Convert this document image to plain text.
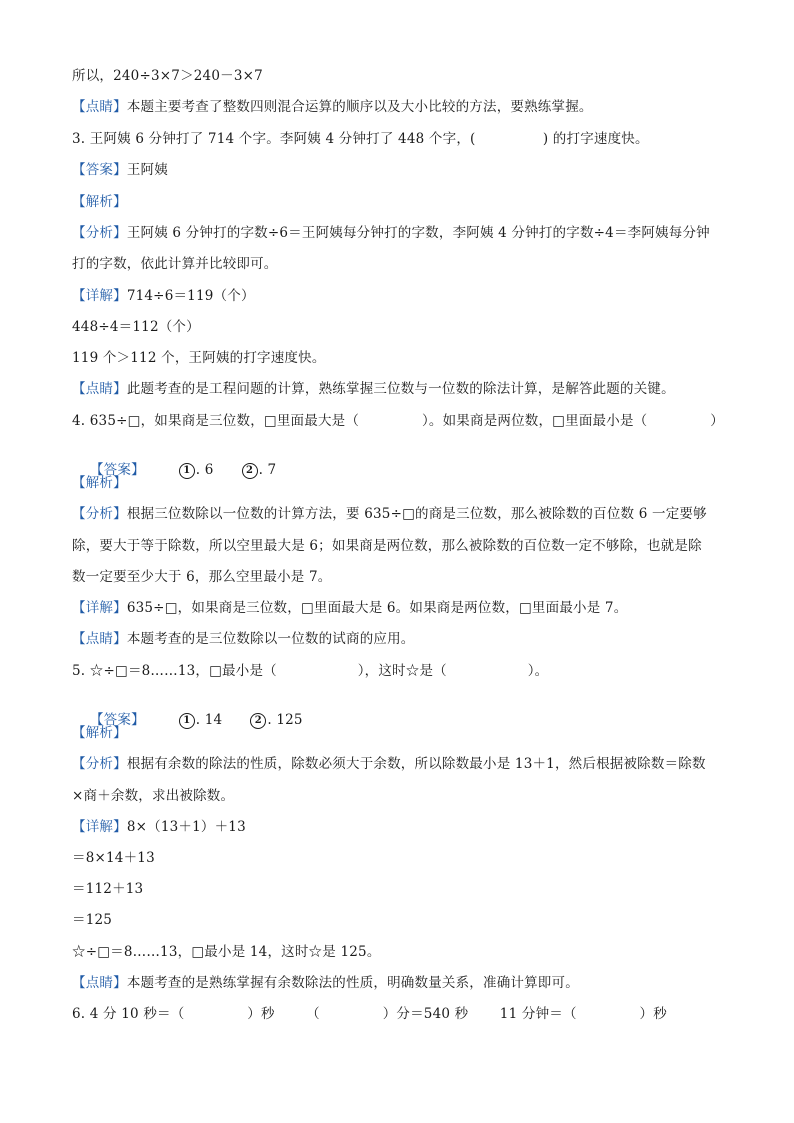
所以，240÷3×7＞240－3×7
【点睛】本题主要考查了整数四则混合运算的顺序以及大小比较的方法，要熟练掌握。
3. 王阿姨 6 分钟打了 714 个字。李阿姨 4 分钟打了 448 个字，(               ) 的打字速度快。
【答案】王阿姨
【解析】
【分析】王阿姨 6 分钟打的字数÷6＝王阿姨每分钟打的字数，李阿姨 4 分钟打的字数÷4＝李阿姨每分钟
打的字数，依此计算并比较即可。
【详解】714÷6＝119（个）
448÷4＝112（个）
119 个＞112 个，王阿姨的打字速度快。
【点睛】此题考查的是工程问题的计算，熟练掌握三位数与一位数的除法计算，是解答此题的关键。
4. 635÷□，如果商是三位数，□里面最大是（              ）。如果商是两位数，□里面最小是（              ）

【答案】	1 . 6	2 . 7

【解析】
【分析】根据三位数除以一位数的计算方法，要 635÷□的商是三位数，那么被除数的百位数 6 一定要够
除，要大于等于除数，所以空里最大是 6；如果商是两位数，那么被除数的百位数一定不够除，也就是除
数一定要至少大于 6，那么空里最小是 7。
【详解】635÷□，如果商是三位数，□里面最大是 6。如果商是两位数，□里面最小是 7。
【点睛】本题考查的是三位数除以一位数的试商的应用。
5. ☆÷□＝8……13，□最小是（                  ），这时☆是（                  ）。

【答案】	1 . 14	2 . 125

【解析】
【分析】根据有余数的除法的性质，除数必须大于余数，所以除数最小是 13＋1，然后根据被除数＝除数
×商＋余数，求出被除数。
【详解】8×（13＋1）＋13
＝8×14＋13
＝112＋13
＝125
☆÷□＝8……13，□最小是 14，这时☆是 125。
【点睛】本题考查的是熟练掌握有余数除法的性质，明确数量关系，准确计算即可。
6. 4 分 10 秒＝（              ）秒       （              ）分＝540 秒       11 分钟＝（              ）秒
